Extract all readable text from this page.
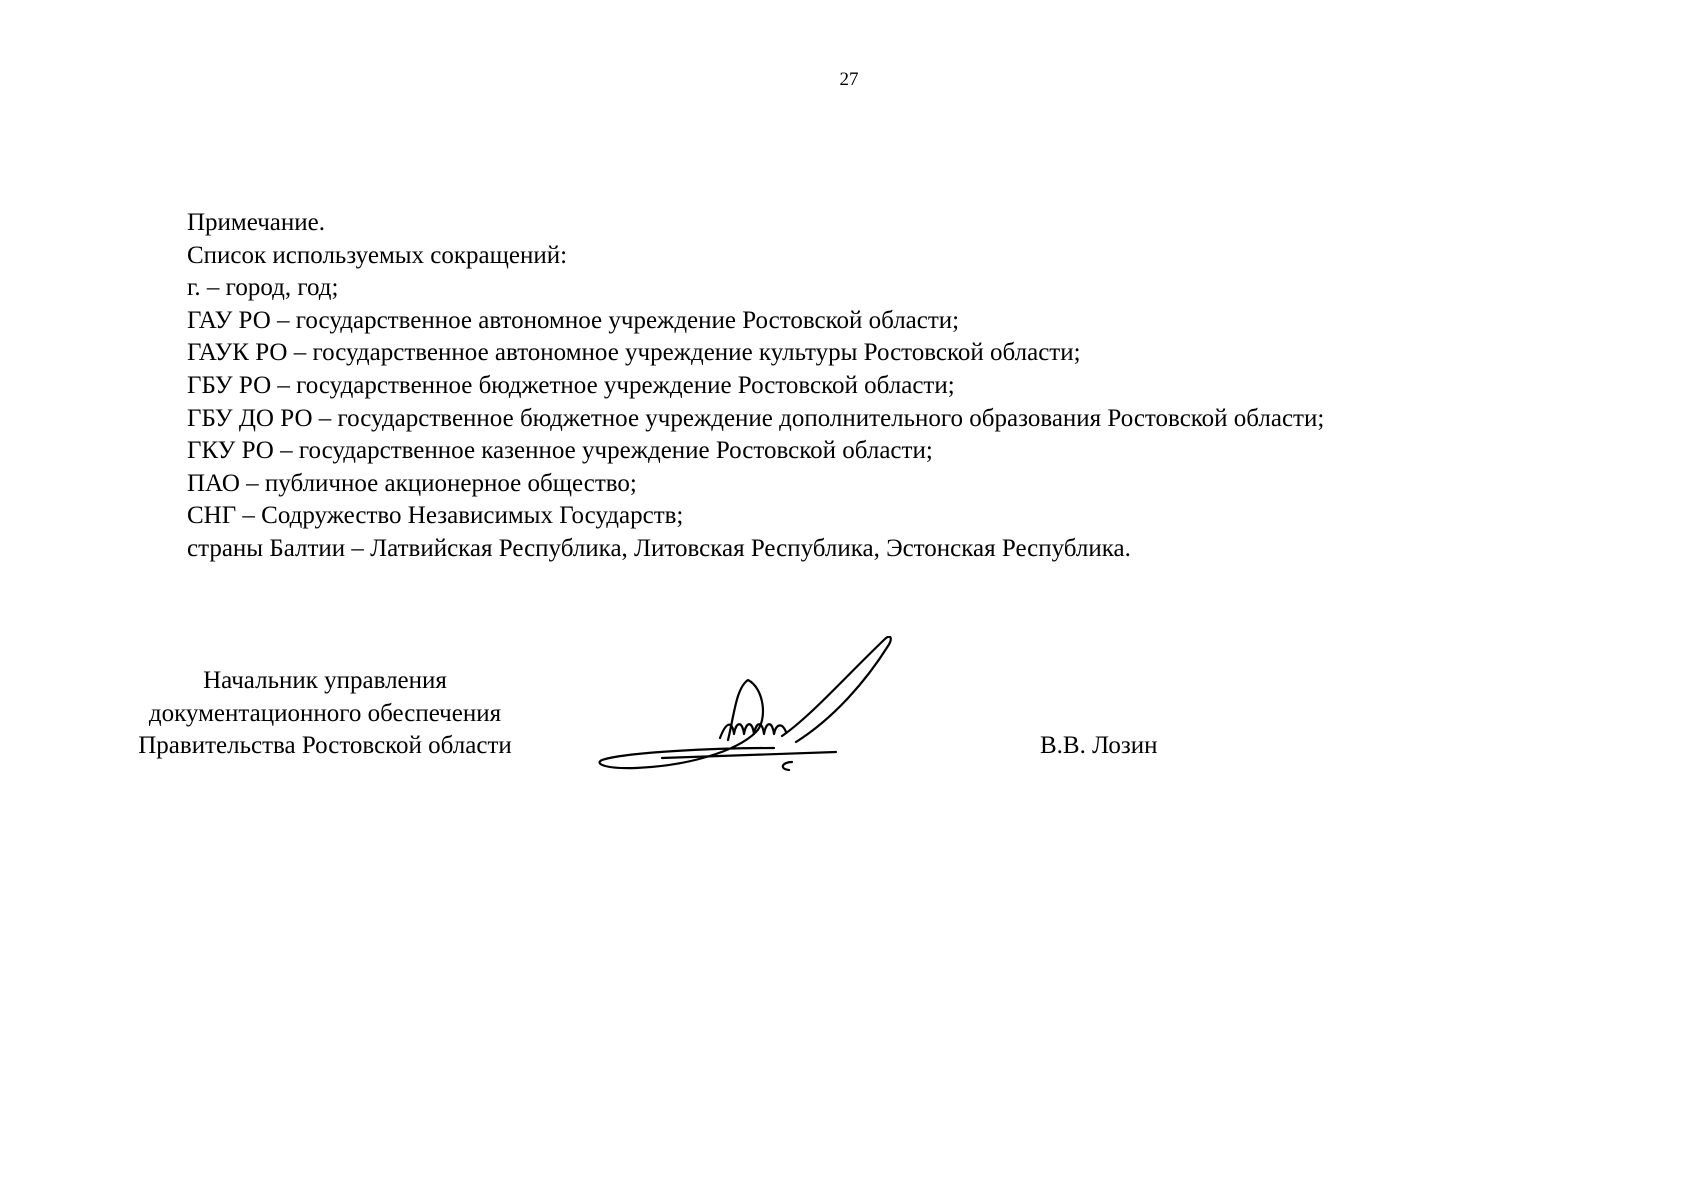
27
Примечание.
Список используемых сокращений:
г. – город, год;
ГАУ РО – государственное автономное учреждение Ростовской области;
ГАУК РО – государственное автономное учреждение культуры Ростовской области;
ГБУ РО – государственное бюджетное учреждение Ростовской области;
ГБУ ДО РО – государственное бюджетное учреждение дополнительного образования Ростовской области;
ГКУ РО – государственное казенное учреждение Ростовской области;
ПАО – публичное акционерное общество;
СНГ – Содружество Независимых Государств;
страны Балтии – Латвийская Республика, Литовская Республика, Эстонская Республика.
Начальник управления
документационного обеспечения
Правительства Ростовской области	В.В. Лозин
